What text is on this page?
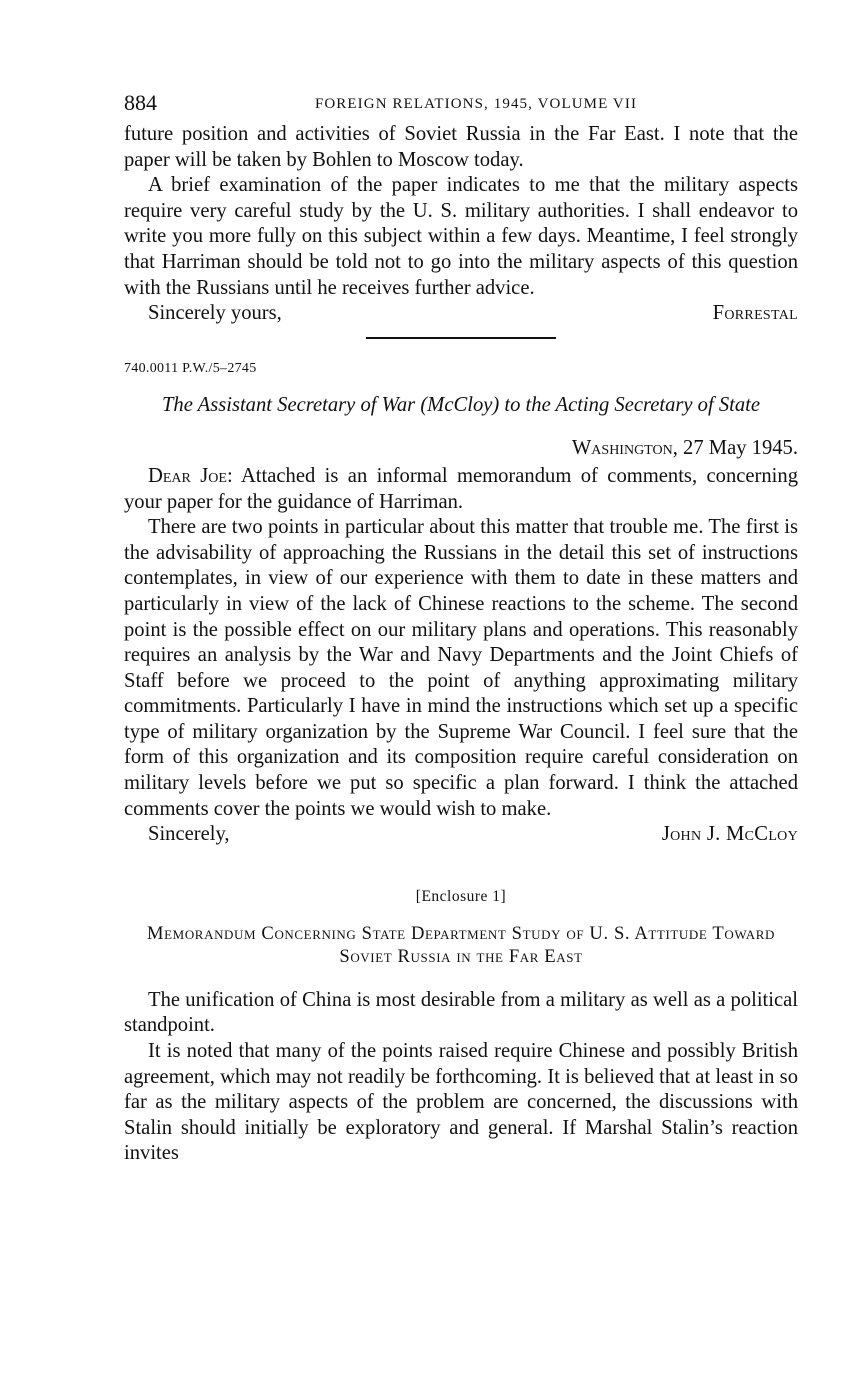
884	FOREIGN RELATIONS, 1945, VOLUME VII

future position and activities of Soviet Russia in the Far East. I note that the paper will be taken by Bohlen to Moscow today.

A brief examination of the paper indicates to me that the military aspects require very careful study by the U. S. military authorities. I shall endeavor to write you more fully on this subject within a few days. Meantime, I feel strongly that Harriman should be told not to go into the military aspects of this question with the Russians until he receives further advice.

Sincerely yours,	Forrestal
740.0011 P.W./5–2745
The Assistant Secretary of War (McCloy) to the Acting Secretary of State
Washington, 27 May 1945.

Dear Joe: Attached is an informal memorandum of comments, concerning your paper for the guidance of Harriman.

There are two points in particular about this matter that trouble me. The first is the advisability of approaching the Russians in the detail this set of instructions contemplates, in view of our experience with them to date in these matters and particularly in view of the lack of Chinese reactions to the scheme. The second point is the possible effect on our military plans and operations. This reasonably requires an analysis by the War and Navy Departments and the Joint Chiefs of Staff before we proceed to the point of anything approximating military commitments. Particularly I have in mind the instructions which set up a specific type of military organization by the Supreme War Council. I feel sure that the form of this organization and its composition require careful consideration on military levels before we put so specific a plan forward. I think the attached comments cover the points we would wish to make.

Sincerely,	John J. McCloy
[Enclosure 1]
Memorandum Concerning State Department Study of U. S. Attitude Toward Soviet Russia in the Far East

The unification of China is most desirable from a military as well as a political standpoint.

It is noted that many of the points raised require Chinese and possibly British agreement, which may not readily be forthcoming. It is believed that at least in so far as the military aspects of the problem are concerned, the discussions with Stalin should initially be exploratory and general. If Marshal Stalin’s reaction invites
